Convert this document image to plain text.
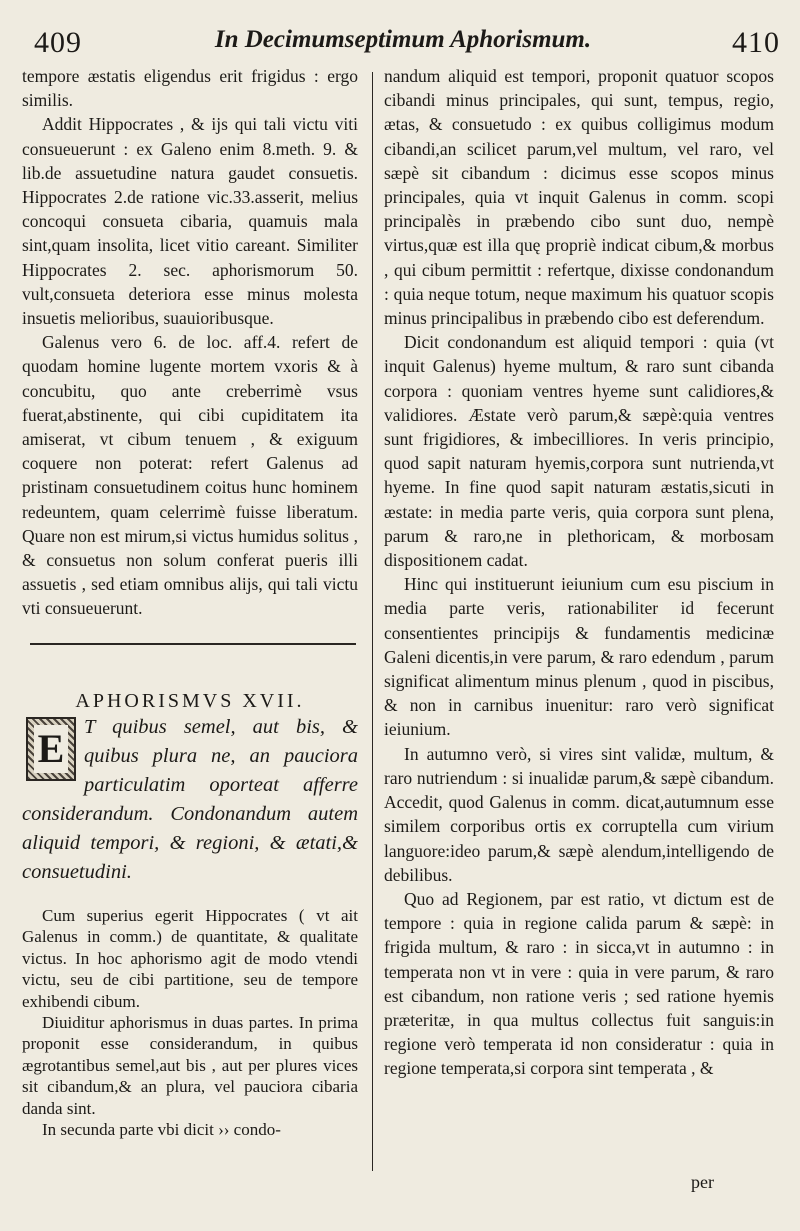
409	In Decimumseptimum Aphorismum.	410

tempore æstatis eligendus erit frigidus : ergo similis.

Addit Hippocrates , & ijs qui tali victu viti consueuerunt : ex Galeno enim 8.meth. 9. & lib.de assuetudine natura gaudet consuetis. Hippocrates 2.de ratione vic.33.asserit, melius concoqui consueta cibaria, quamuis mala sint,quam insolita, licet vitio careant. Similiter Hippocrates 2. sec. aphorismorum 50. vult,consueta deteriora esse minus molesta insuetis melioribus, suauioribusque.

Galenus vero 6. de loc. aff.4. refert de quodam homine lugente mortem vxoris & à concubitu, quo ante creberrimè vsus fuerat,abstinente, qui cibi cupiditatem ita amiserat, vt cibum tenuem , & exiguum coquere non poterat: refert Galenus ad pristinam consuetudinem coitus hunc hominem redeuntem, quam celerrimè fuisse liberatum. Quare non est mirum,si victus humidus solitus , & consuetus non solum conferat pueris illi assuetis , sed etiam omnibus alijs, qui tali victu vti consueuerunt.

APHORISMVS XVII.

E T quibus semel, aut bis, & quibus plura ne, an pauciora particulatim oporteat afferre considerandum. Condonandum autem aliquid tempori, & regioni, & ætati,& consuetudini.

Cum superius egerit Hippocrates ( vt ait Galenus in comm.) de quantitate, & qualitate victus. In hoc aphorismo agit de modo vtendi victu, seu de cibi partitione, seu de tempore exhibendi cibum.

Diuiditur aphorismus in duas partes. In prima proponit esse considerandum, in quibus ægrotantibus semel,aut bis , aut per plures vices sit cibandum,& an plura, vel pauciora cibaria danda sint.

In secunda parte vbi dicit ›› condo-

nandum aliquid est tempori, proponit quatuor scopos cibandi minus principales, qui sunt, tempus, regio, ætas, & consuetudo : ex quibus colligimus modum cibandi,an scilicet parum,vel multum, vel raro, vel sæpè sit cibandum : dicimus esse scopos minus principales, quia vt inquit Galenus in comm. scopi principalès in præbendo cibo sunt duo, nempè virtus,quæ est illa quę propriè indicat cibum,& morbus , qui cibum permittit : refertque, dixisse condonandum : quia neque totum, neque maximum his quatuor scopis minus principalibus in præbendo cibo est deferendum.

Dicit condonandum est aliquid tempori : quia (vt inquit Galenus) hyeme multum, & raro sunt cibanda corpora : quoniam ventres hyeme sunt calidiores,& validiores. Æstate verò parum,& sæpè:quia ventres sunt frigidiores, & imbecilliores. In veris principio, quod sapit naturam hyemis,corpora sunt nutrienda,vt hyeme. In fine quod sapit naturam æstatis,sicuti in æstate: in media parte veris, quia corpora sunt plena, parum & raro,ne in plethoricam, & morbosam dispositionem cadat.

Hinc qui instituerunt ieiunium cum esu piscium in media parte veris, rationabiliter id fecerunt consentientes principijs & fundamentis medicinæ Galeni dicentis,in vere parum, & raro edendum , parum significat alimentum minus plenum , quod in piscibus, & non in carnibus inuenitur: raro verò significat ieiunium.

In autumno verò, si vires sint validæ, multum, & raro nutriendum : si inualidæ parum,& sæpè cibandum. Accedit, quod Galenus in comm. dicat,autumnum esse similem corporibus ortis ex corruptella cum virium languore:ideo parum,& sæpè alendum,intelligendo de debilibus.

Quo ad Regionem, par est ratio, vt dictum est de tempore : quia in regione calida parum & sæpè: in frigida multum, & raro : in sicca,vt in autumno : in temperata non vt in vere : quia in vere parum, & raro est cibandum, non ratione veris ; sed ratione hyemis præteritæ, in qua multus collectus fuit sanguis:in regione verò temperata id non consideratur : quia in regione temperata,si corpora sint temperata , &

per
